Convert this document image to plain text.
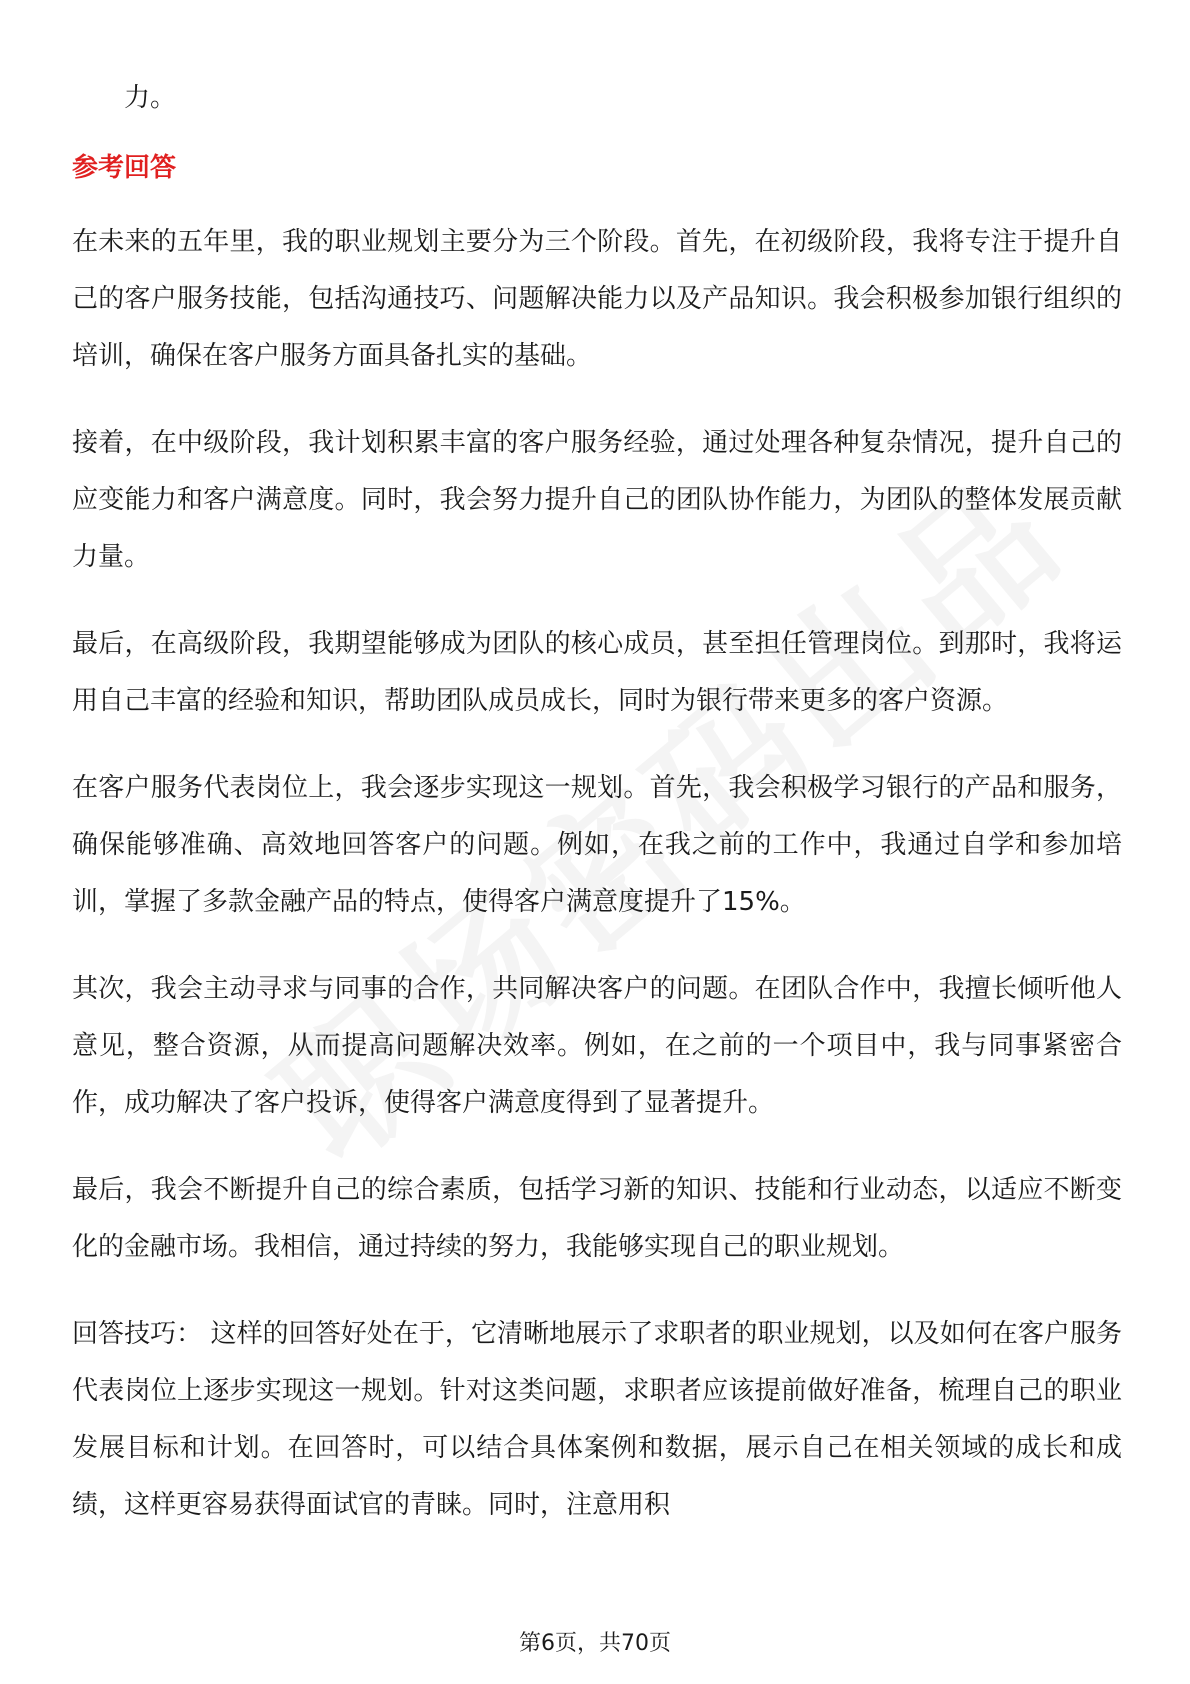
力。

参考回答

在未来的五年里，我的职业规划主要分为三个阶段。首先，在初级阶段，我将专注于提升自己的客户服务技能，包括沟通技巧、问题解决能力以及产品知识。我会积极参加银行组织的培训，确保在客户服务方面具备扎实的基础。

接着，在中级阶段，我计划积累丰富的客户服务经验，通过处理各种复杂情况，提升自己的应变能力和客户满意度。同时，我会努力提升自己的团队协作能力，为团队的整体发展贡献力量。

最后，在高级阶段，我期望能够成为团队的核心成员，甚至担任管理岗位。到那时，我将运用自己丰富的经验和知识，帮助团队成员成长，同时为银行带来更多的客户资源。

在客户服务代表岗位上，我会逐步实现这一规划。首先，我会积极学习银行的产品和服务，确保能够准确、高效地回答客户的问题。例如，在我之前的工作中，我通过自学和参加培训，掌握了多款金融产品的特点，使得客户满意度提升了15%。

其次，我会主动寻求与同事的合作，共同解决客户的问题。在团队合作中，我擅长倾听他人意见，整合资源，从而提高问题解决效率。例如，在之前的一个项目中，我与同事紧密合作，成功解决了客户投诉，使得客户满意度得到了显著提升。

最后，我会不断提升自己的综合素质，包括学习新的知识、技能和行业动态，以适应不断变化的金融市场。我相信，通过持续的努力，我能够实现自己的职业规划。

回答技巧： 这样的回答好处在于，它清晰地展示了求职者的职业规划，以及如何在客户服务代表岗位上逐步实现这一规划。针对这类问题，求职者应该提前做好准备，梳理自己的职业发展目标和计划。在回答时，可以结合具体案例和数据，展示自己在相关领域的成长和成绩，这样更容易获得面试官的青睐。同时，注意用积

第6页，共70页
